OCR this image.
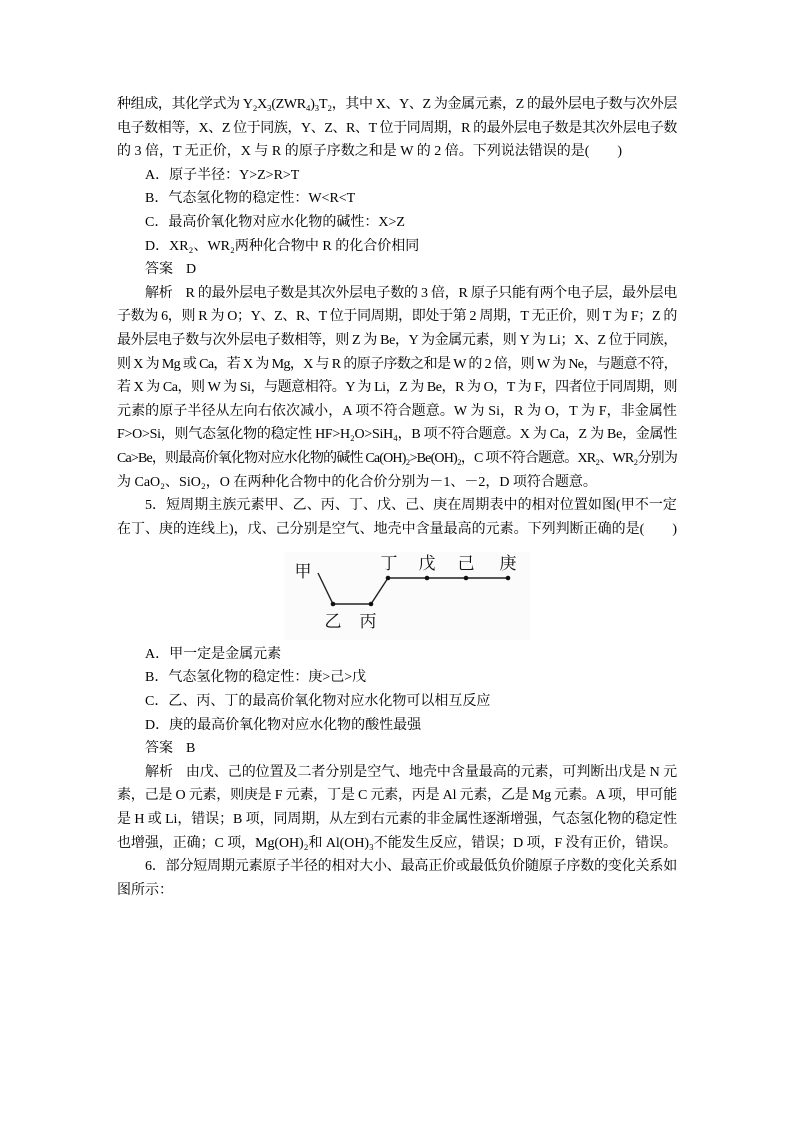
种组成，其化学式为 Y₂X₃(ZWR₄)₃T₂，其中 X、Y、Z 为金属元素，Z 的最外层电子数与次外层
电子数相等，X、Z 位于同族，Y、Z、R、T 位于同周期，R 的最外层电子数是其次外层电子数
的 3 倍，T 无正价，X 与 R 的原子序数之和是 W 的 2 倍。下列说法错误的是(　　)
A．原子半径：Y>Z>R>T
B．气态氢化物的稳定性：W<R<T
C．最高价氧化物对应水化物的碱性：X>Z
D．XR₂、WR₂两种化合物中 R 的化合价相同
答案 D
解析 R 的最外层电子数是其次外层电子数的 3 倍，R 原子只能有两个电子层，最外层电
子数为 6，则 R 为 O；Y、Z、R、T 位于同周期，即处于第 2 周期，T 无正价，则 T 为 F；Z 的
最外层电子数与次外层电子数相等，则 Z 为 Be，Y 为金属元素，则 Y 为 Li；X、Z 位于同族，
则 X 为 Mg 或 Ca，若 X 为 Mg，X 与 R 的原子序数之和是 W 的 2 倍，则 W 为 Ne，与题意不符，
若 X 为 Ca，则 W 为 Si，与题意相符。Y 为 Li，Z 为 Be，R 为 O，T 为 F，四者位于同周期，则
元素的原子半径从左向右依次减小，A 项不符合题意。W 为 Si，R 为 O，T 为 F，非金属性
F>O>Si，则气态氢化物的稳定性 HF>H₂O>SiH₄，B 项不符合题意。X 为 Ca，Z 为 Be，金属性
Ca>Be，则最高价氧化物对应水化物的碱性 Ca(OH)₂>Be(OH)₂，C 项不符合题意。XR₂、WR₂分别为
为 CaO₂、SiO₂，O 在两种化合物中的化合价分别为－1、－2，D 项符合题意。
5．短周期主族元素甲、乙、丙、丁、戊、己、庚在周期表中的相对位置如图(甲不一定
在丁、庚的连线上)，戊、己分别是空气、地壳中含量最高的元素。下列判断正确的是(　　)
甲
乙 丙
丁 戊 己 庚
A．甲一定是金属元素
B．气态氢化物的稳定性：庚>己>戊
C．乙、丙、丁的最高价氧化物对应水化物可以相互反应
D．庚的最高价氧化物对应水化物的酸性最强
答案 B
解析 由戊、己的位置及二者分别是空气、地壳中含量最高的元素，可判断出戊是 N 元
素，己是 O 元素，则庚是 F 元素，丁是 C 元素，丙是 Al 元素，乙是 Mg 元素。A 项，甲可能
是 H 或 Li，错误；B 项，同周期，从左到右元素的非金属性逐渐增强，气态氢化物的稳定性
也增强，正确；C 项，Mg(OH)₂和 Al(OH)₃不能发生反应，错误；D 项，F 没有正价，错误。
6．部分短周期元素原子半径的相对大小、最高正价或最低负价随原子序数的变化关系如
图所示：
